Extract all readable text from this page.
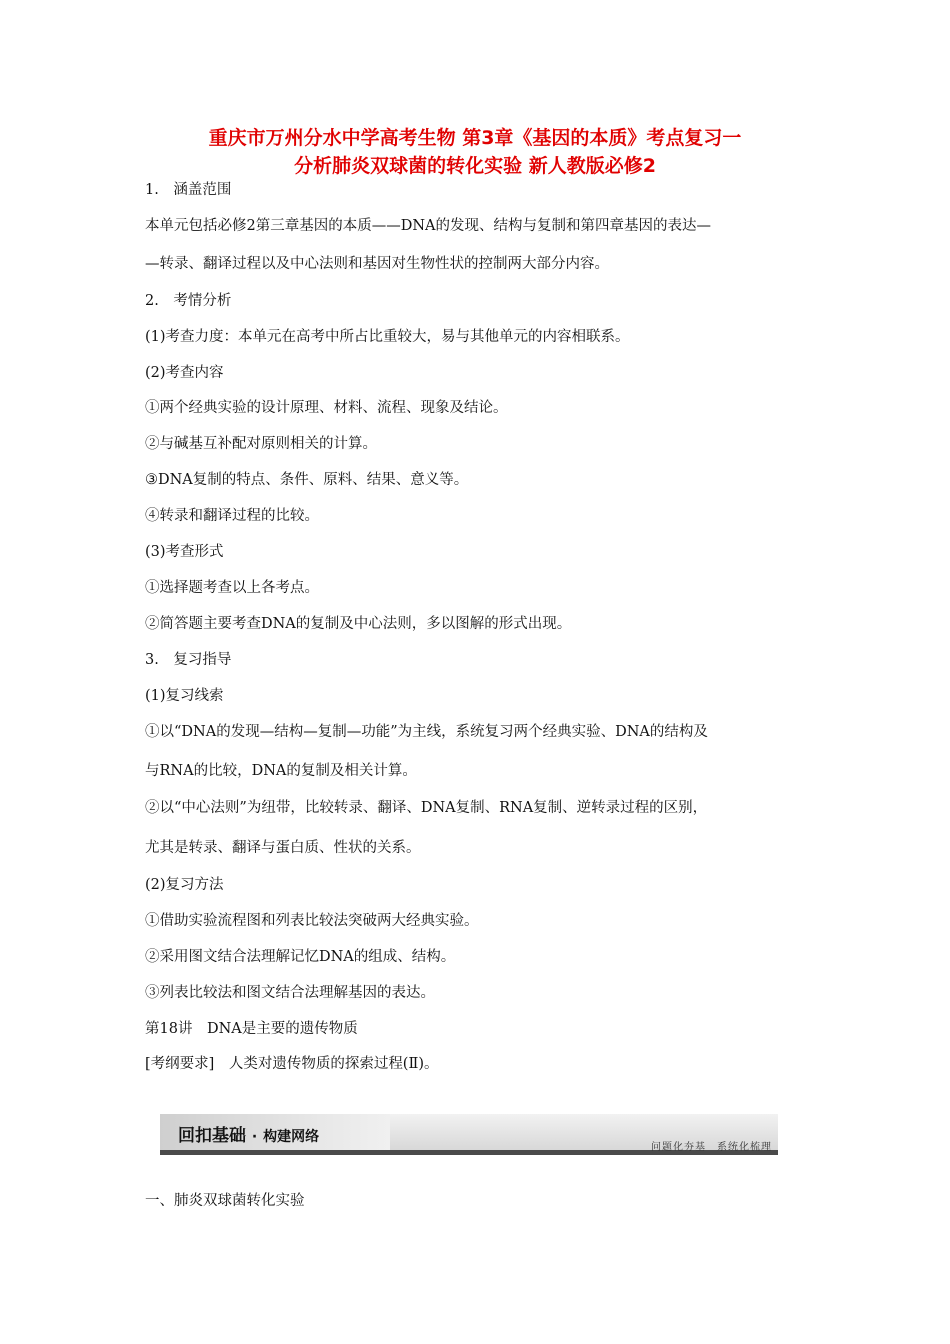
重庆市万州分水中学高考生物 第3章《基因的本质》考点复习一
分析肺炎双球菌的转化实验 新人教版必修2
1.　涵盖范围
本单元包括必修2第三章基因的本质——DNA的发现、结构与复制和第四章基因的表达—
—转录、翻译过程以及中心法则和基因对生物性状的控制两大部分内容。
2.　考情分析
(1)考查力度：本单元在高考中所占比重较大，易与其他单元的内容相联系。
(2)考查内容
①两个经典实验的设计原理、材料、流程、现象及结论。
②与碱基互补配对原则相关的计算。
③DNA复制的特点、条件、原料、结果、意义等。
④转录和翻译过程的比较。
(3)考查形式
①选择题考查以上各考点。
②简答题主要考查DNA的复制及中心法则，多以图解的形式出现。
3.　复习指导
(1)复习线索
①以“DNA的发现—结构—复制—功能”为主线，系统复习两个经典实验、DNA的结构及
与RNA的比较，DNA的复制及相关计算。
②以“中心法则”为纽带，比较转录、翻译、DNA复制、RNA复制、逆转录过程的区别，
尤其是转录、翻译与蛋白质、性状的关系。
(2)复习方法
①借助实验流程图和列表比较法突破两大经典实验。
②采用图文结合法理解记忆DNA的组成、结构。
③列表比较法和图文结合法理解基因的表达。
第18讲　DNA是主要的遗传物质
[考纲要求]　人类对遗传物质的探索过程(Ⅱ)。
回扣基础 · 构建网络
问题化夯基　系统化梳理
一、肺炎双球菌转化实验
